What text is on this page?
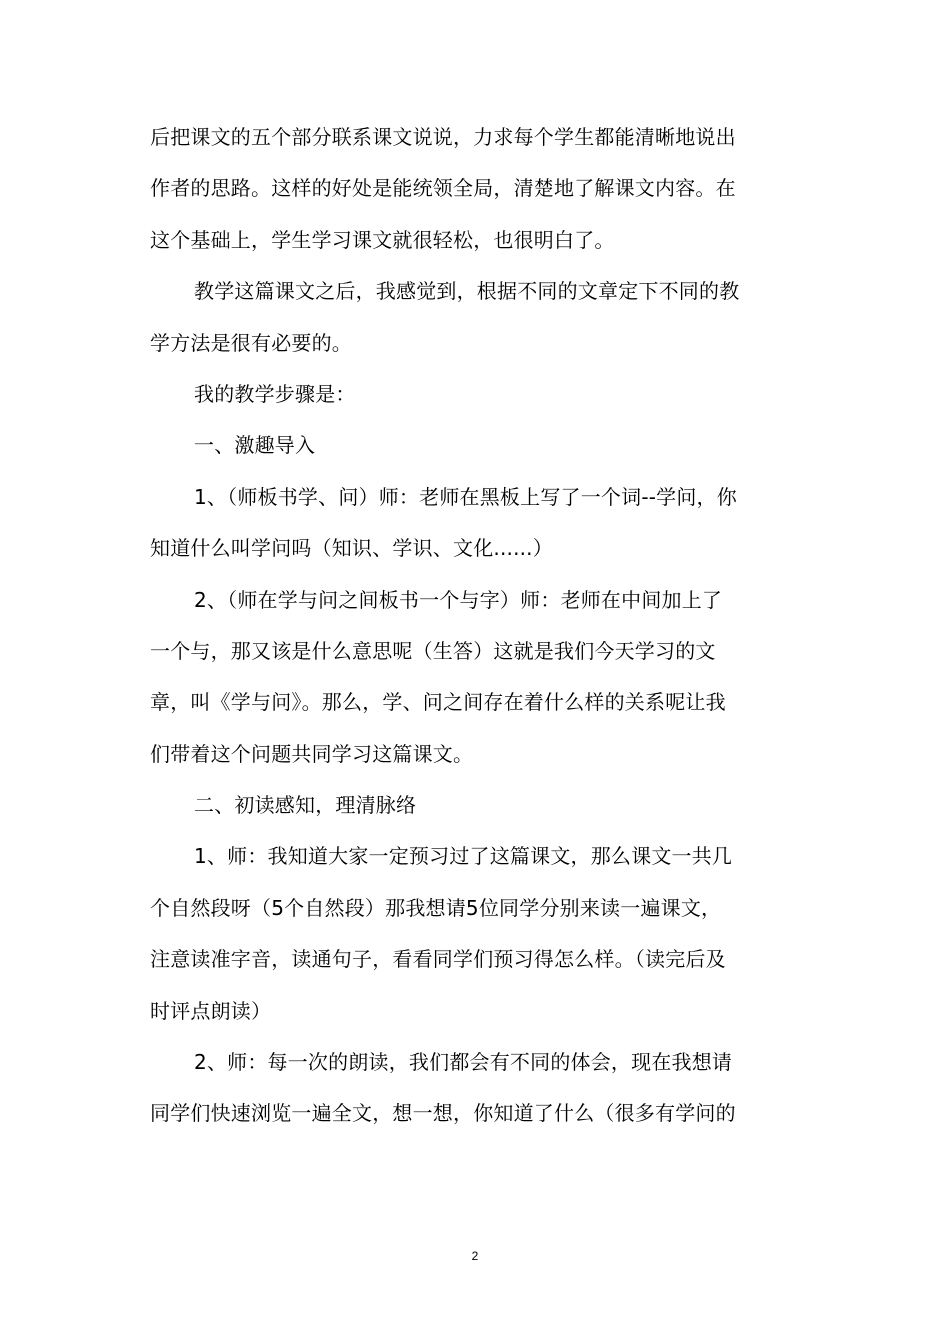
后把课文的五个部分联系课文说说，力求每个学生都能清晰地说出
作者的思路。这样的好处是能统领全局，清楚地了解课文内容。在
这个基础上，学生学习课文就很轻松，也很明白了。
教学这篇课文之后，我感觉到，根据不同的文章定下不同的教
学方法是很有必要的。
我的教学步骤是：
一、激趣导入
1、（师板书学、问）师：老师在黑板上写了一个词--学问，你
知道什么叫学问吗（知识、学识、文化......）
2、（师在学与问之间板书一个与字）师：老师在中间加上了
一个与，那又该是什么意思呢（生答）这就是我们今天学习的文
章，叫《学与问》。那么，学、问之间存在着什么样的关系呢让我
们带着这个问题共同学习这篇课文。
二、初读感知，理清脉络
1、师：我知道大家一定预习过了这篇课文，那么课文一共几
个自然段呀（5个自然段）那我想请5位同学分别来读一遍课文，
注意读准字音，读通句子，看看同学们预习得怎么样。（读完后及
时评点朗读）
2、师：每一次的朗读，我们都会有不同的体会，现在我想请
同学们快速浏览一遍全文，想一想，你知道了什么（很多有学问的
2
